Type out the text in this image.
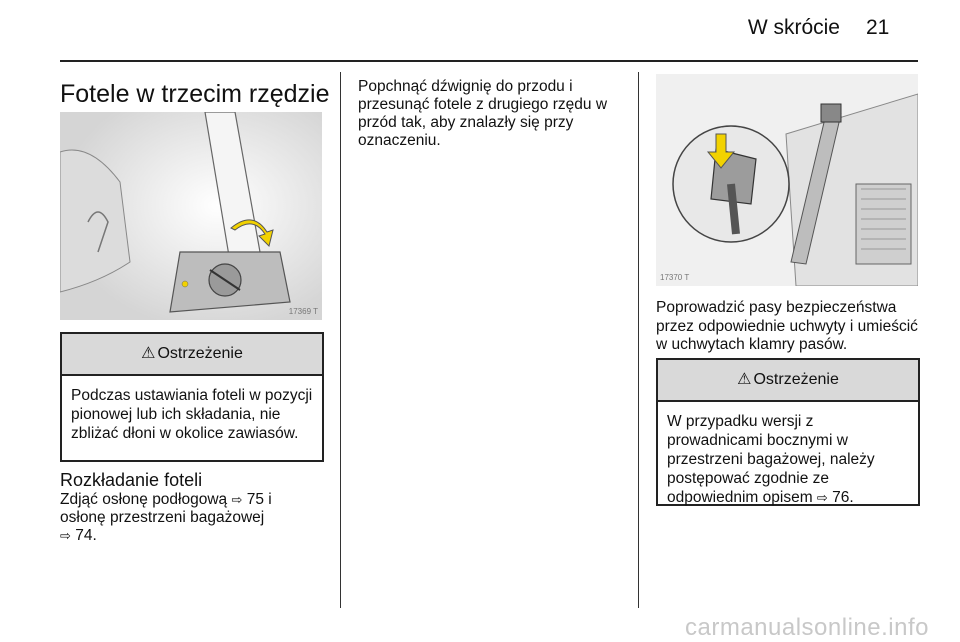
W skrócie 21
Fotele w trzecim rzędzie
17369 T
⚠ Ostrzeżenie
Podczas ustawiania foteli w pozycji pionowej lub ich składania, nie zbliżać dłoni w okolice zawiasów.
Rozkładanie foteli
Zdjąć osłonę podłogową ⇨ 75 i
osłonę przestrzeni bagażowej
⇨ 74.
Popchnąć dźwignię do przodu i przesunąć fotele z drugiego rzędu w przód tak, aby znalazły się przy oznaczeniu.
17370 T
Poprowadzić pasy bezpieczeństwa przez odpowiednie uchwyty i umieścić w uchwytach klamry pasów.
⚠ Ostrzeżenie
W przypadku wersji z prowadnicami bocznymi w przestrzeni bagażowej, należy postępować zgodnie ze odpowiednim opisem ⇨ 76.
carmanualsonline.info
